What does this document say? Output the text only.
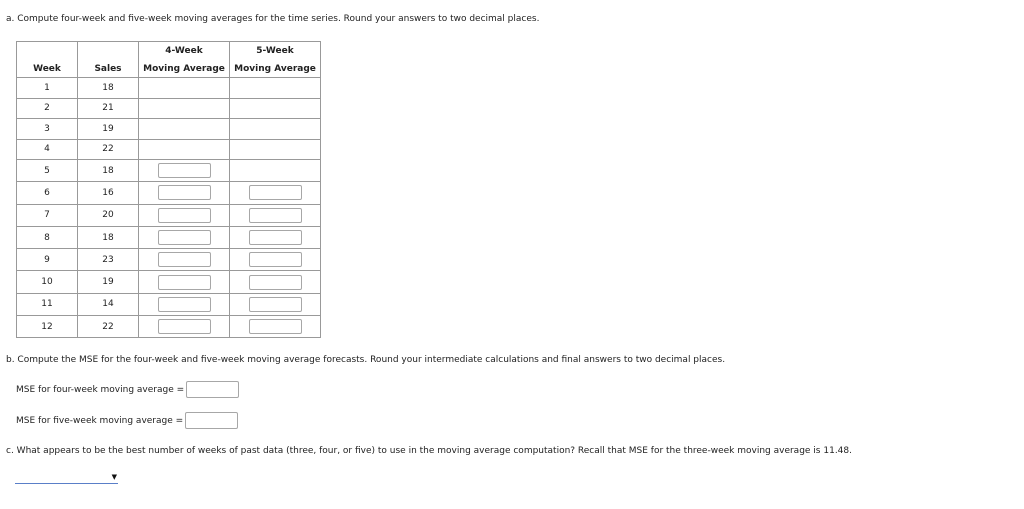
a. Compute four-week and five-week moving averages for the time series. Round your answers to two decimal places.
		4-Week	5-Week
Week	Sales	Moving Average	Moving Average
1	18		
2	21		
3	19		
4	22		
5	18		
6	16		
7	20		
8	18		
9	23		
10	19		
11	14		
12	22		
b. Compute the MSE for the four-week and five-week moving average forecasts. Round your intermediate calculations and final answers to two decimal places.
MSE for four-week moving average =
MSE for five-week moving average =
c. What appears to be the best number of weeks of past data (three, four, or five) to use in the moving average computation? Recall that MSE for the three-week moving average is 11.48.
▼
